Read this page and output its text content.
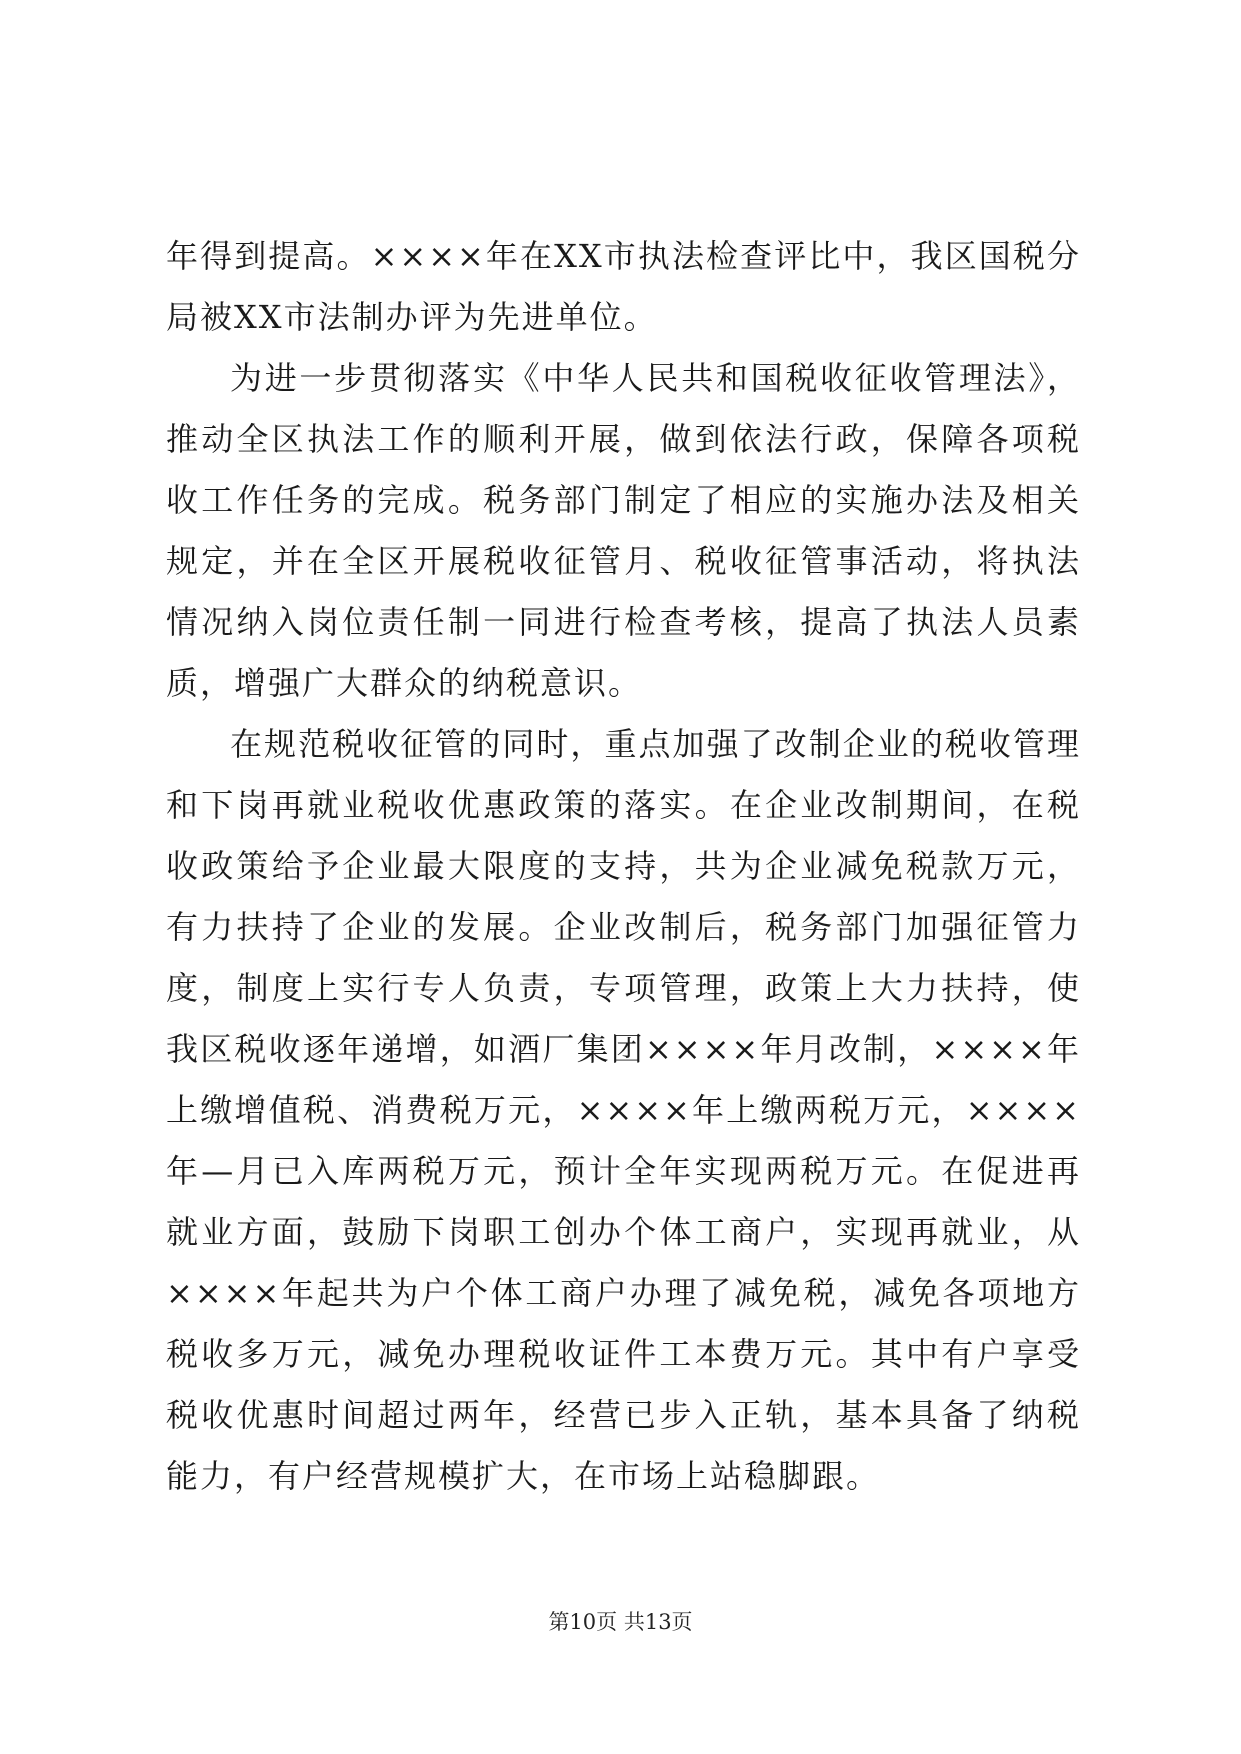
年得到提高。××××年在XX市执法检查评比中，我区国税分局被XX市法制办评为先进单位。

为进一步贯彻落实《中华人民共和国税收征收管理法》，推动全区执法工作的顺利开展，做到依法行政，保障各项税收工作任务的完成。税务部门制定了相应的实施办法及相关规定，并在全区开展税收征管月、税收征管事活动，将执法情况纳入岗位责任制一同进行检查考核，提高了执法人员素质，增强广大群众的纳税意识。

在规范税收征管的同时，重点加强了改制企业的税收管理和下岗再就业税收优惠政策的落实。在企业改制期间，在税收政策给予企业最大限度的支持，共为企业减免税款万元，有力扶持了企业的发展。企业改制后，税务部门加强征管力度，制度上实行专人负责，专项管理，政策上大力扶持，使我区税收逐年递增，如酒厂集团××××年月改制，××××年上缴增值税、消费税万元，××××年上缴两税万元，××××年—月已入库两税万元，预计全年实现两税万元。在促进再就业方面，鼓励下岗职工创办个体工商户，实现再就业，从××××年起共为户个体工商户办理了减免税，减免各项地方税收多万元，减免办理税收证件工本费万元。其中有户享受税收优惠时间超过两年，经营已步入正轨，基本具备了纳税能力，有户经营规模扩大，在市场上站稳脚跟。

第10页 共13页
